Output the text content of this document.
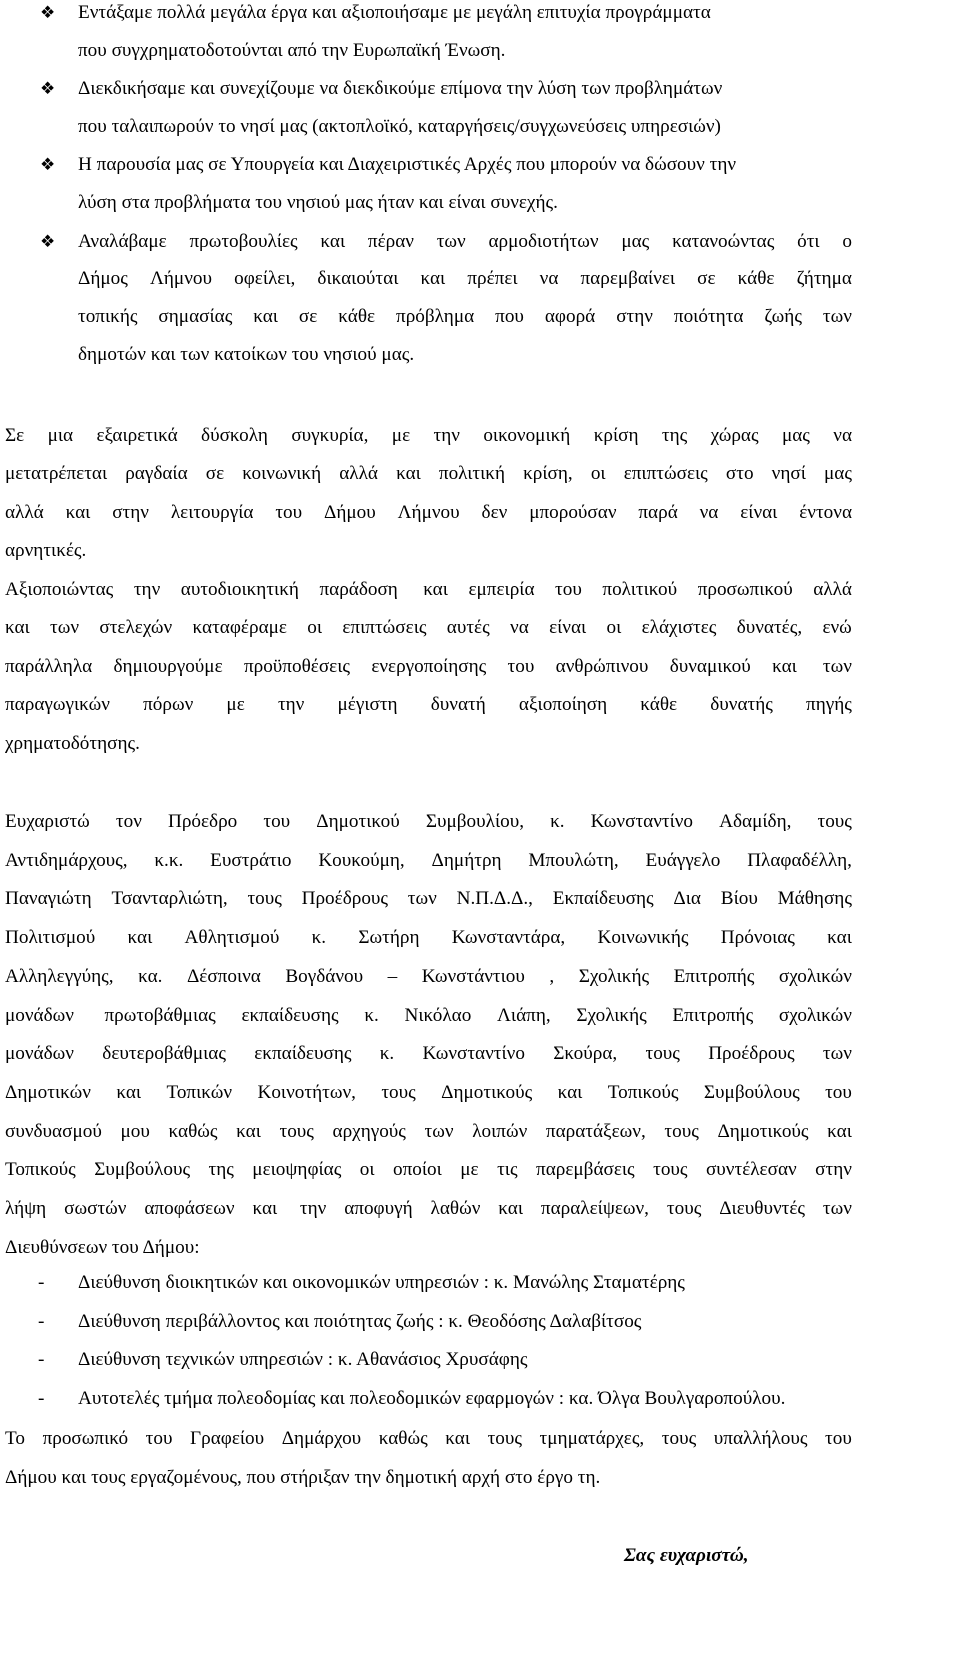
❖	Εντάξαμε πολλά μεγάλα έργα και αξιοποιήσαμε με μεγάλη επιτυχία προγράμματα
που συγχρηματοδοτούνται από την Ευρωπαϊκή Ένωση.
❖	Διεκδικήσαμε και συνεχίζουμε να διεκδικούμε επίμονα την λύση των προβλημάτων
που ταλαιπωρούν το νησί μας (ακτοπλοϊκό, καταργήσεις/συγχωνεύσεις υπηρεσιών)
❖	Η παρουσία μας σε Υπουργεία και Διαχειριστικές Αρχές που μπορούν να δώσουν την
λύση στα προβλήματα του νησιού μας ήταν και είναι συνεχής.
❖	Αναλάβαμε πρωτοβουλίες και πέραν των αρμοδιοτήτων μας κατανοώντας ότι ο
Δήμος Λήμνου οφείλει, δικαιούται και πρέπει να παρεμβαίνει σε κάθε ζήτημα
τοπικής σημασίας και σε κάθε πρόβλημα που αφορά στην ποιότητα ζωής των
δημοτών και των κατοίκων του νησιού μας.
Σε μια εξαιρετικά δύσκολη συγκυρία, με την οικονομική κρίση της χώρας μας να
μετατρέπεται ραγδαία σε κοινωνική αλλά και πολιτική κρίση, οι επιπτώσεις στο νησί μας
αλλά και στην λειτουργία του Δήμου Λήμνου δεν μπορούσαν παρά να είναι έντονα
αρνητικές.
Αξιοποιώντας την αυτοδιοικητική παράδοση και εμπειρία του πολιτικού προσωπικού αλλά
και των στελεχών καταφέραμε οι επιπτώσεις αυτές να είναι οι ελάχιστες δυνατές, ενώ
παράλληλα δημιουργούμε προϋποθέσεις ενεργοποίησης του ανθρώπινου δυναμικού και των
παραγωγικών πόρων με την μέγιστη δυνατή αξιοποίηση κάθε δυνατής πηγής
χρηματοδότησης.
Ευχαριστώ τον Πρόεδρο του Δημοτικού Συμβουλίου, κ. Κωνσταντίνο Αδαμίδη, τους
Αντιδημάρχους, κ.κ. Ευστράτιο Κουκούμη, Δημήτρη Μπουλώτη, Ευάγγελο Πλαφαδέλλη,
Παναγιώτη Τσανταρλιώτη, τους Προέδρους των Ν.Π.Δ.Δ., Εκπαίδευσης Δια Βίου Μάθησης
Πολιτισμού και Αθλητισμού κ. Σωτήρη Κωνσταντάρα, Κοινωνικής Πρόνοιας και
Αλληλεγγύης, κα. Δέσποινα Βογδάνου – Κωνστάντιου , Σχολικής Επιτροπής σχολικών
μονάδων πρωτοβάθμιας εκπαίδευσης κ. Νικόλαο Λιάπη, Σχολικής Επιτροπής σχολικών
μονάδων δευτεροβάθμιας εκπαίδευσης κ. Κωνσταντίνο Σκούρα, τους Προέδρους των
Δημοτικών και Τοπικών Κοινοτήτων, τους Δημοτικούς και Τοπικούς Συμβούλους του
συνδυασμού μου καθώς και τους αρχηγούς των λοιπών παρατάξεων, τους Δημοτικούς και
Τοπικούς Συμβούλους της μειοψηφίας οι οποίοι με τις παρεμβάσεις τους συντέλεσαν στην
λήψη σωστών αποφάσεων και την αποφυγή λαθών και παραλείψεων, τους Διευθυντές των
Διευθύνσεων του Δήμου:
- Διεύθυνση διοικητικών και οικονομικών υπηρεσιών : κ. Μανώλης Σταματέρης
- Διεύθυνση περιβάλλοντος και ποιότητας ζωής : κ. Θεοδόσης Δαλαβίτσος
- Διεύθυνση τεχνικών υπηρεσιών : κ. Αθανάσιος Χρυσάφης
- Αυτοτελές τμήμα πολεοδομίας και πολεοδομικών εφαρμογών : κα. Όλγα Βουλγαροπούλου.
Το προσωπικό του Γραφείου Δημάρχου καθώς και τους τμηματάρχες, τους υπαλλήλους του
Δήμου και τους εργαζομένους, που στήριξαν την δημοτική αρχή στο έργο τη.
Σας ευχαριστώ,
